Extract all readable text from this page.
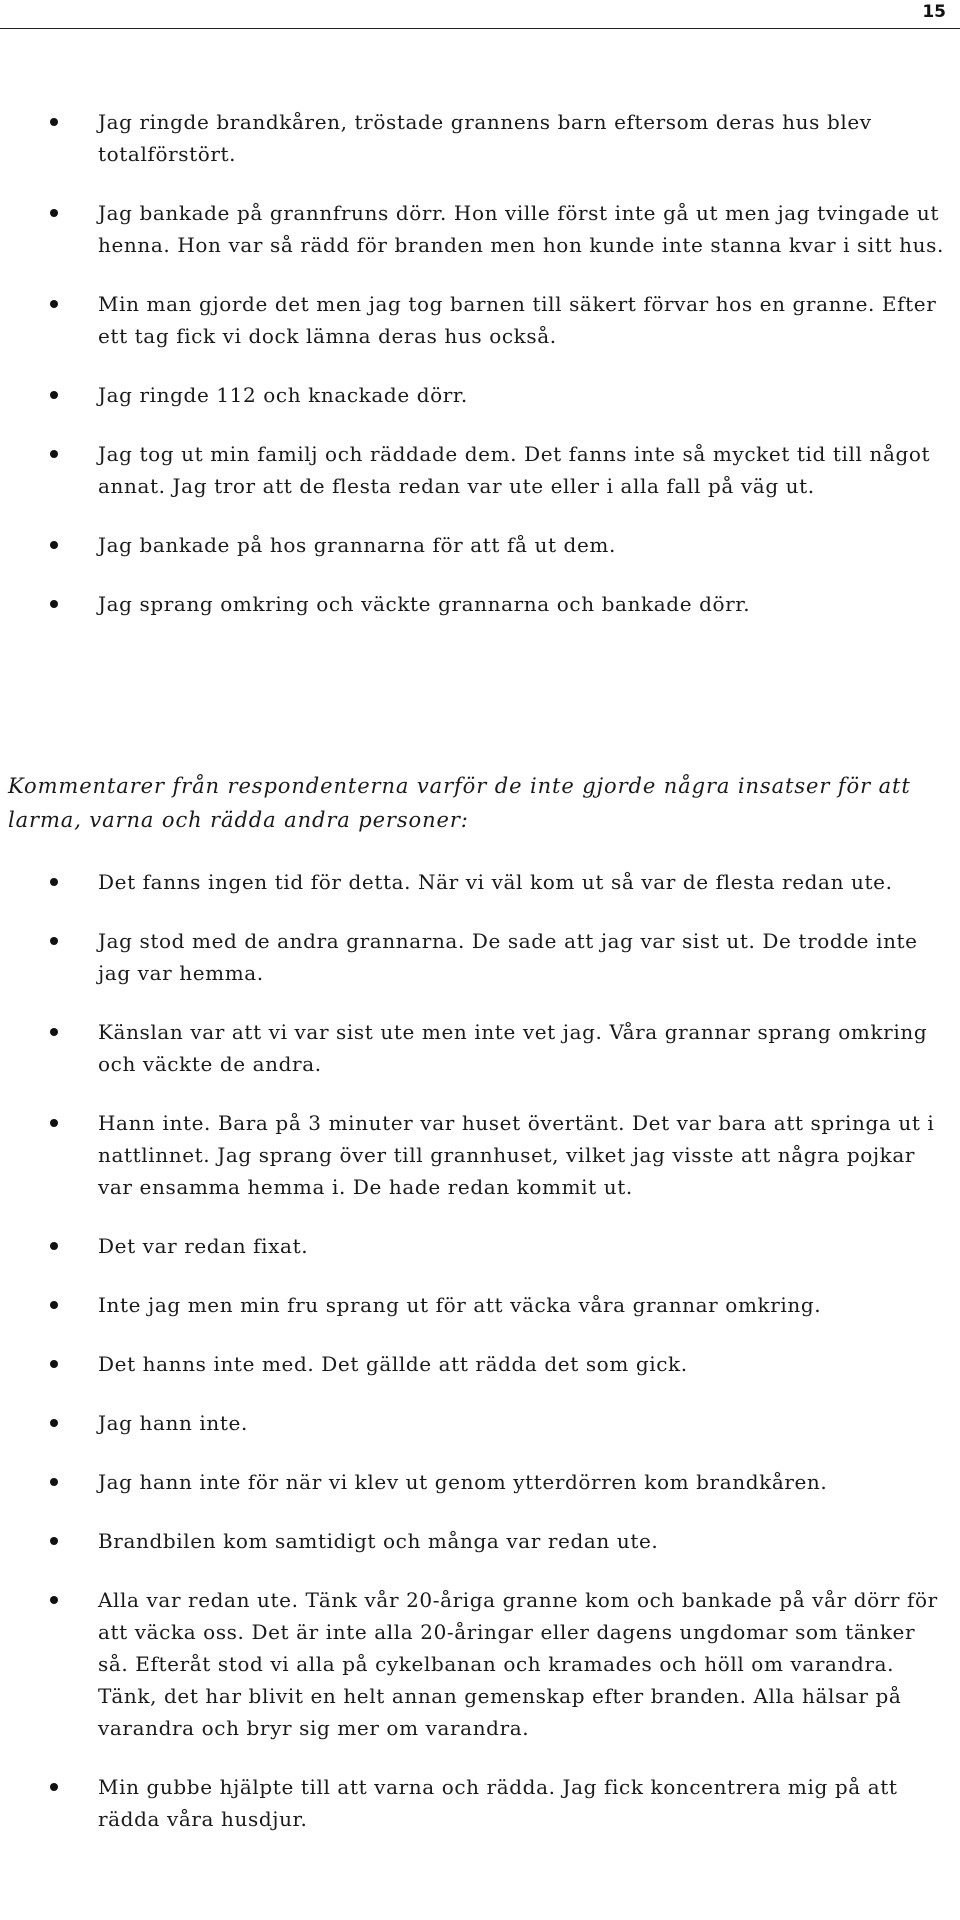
15
Jag ringde brandkåren, tröstade grannens barn eftersom deras hus blev totalförstört.
Jag bankade på grannfruns dörr. Hon ville först inte gå ut men jag tvingade ut henna. Hon var så rädd för branden men hon kunde inte stanna kvar i sitt hus.
Min man gjorde det men jag tog barnen till säkert förvar hos en granne. Efter ett tag fick vi dock lämna deras hus också.
Jag ringde 112 och knackade dörr.
Jag tog ut min familj och räddade dem. Det fanns inte så mycket tid till något annat. Jag tror att de flesta redan var ute eller i alla fall på väg ut.
Jag bankade på hos grannarna för att få ut dem.
Jag sprang omkring och väckte grannarna och bankade dörr.
Kommentarer från respondenterna varför de inte gjorde några insatser för att larma, varna och rädda andra personer:
Det fanns ingen tid för detta. När vi väl kom ut så var de flesta redan ute.
Jag stod med de andra grannarna. De sade att jag var sist ut. De trodde inte jag var hemma.
Känslan var att vi var sist ute men inte vet jag. Våra grannar sprang omkring och väckte de andra.
Hann inte. Bara på 3 minuter var huset övertänt. Det var bara att springa ut i nattlinnet. Jag sprang över till grannhuset, vilket jag visste att några pojkar var ensamma hemma i. De hade redan kommit ut.
Det var redan fixat.
Inte jag men min fru sprang ut för att väcka våra grannar omkring.
Det hanns inte med. Det gällde att rädda det som gick.
Jag hann inte.
Jag hann inte för när vi klev ut genom ytterdörren kom brandkåren.
Brandbilen kom samtidigt och många var redan ute.
Alla var redan ute. Tänk vår 20-åriga granne kom och bankade på vår dörr för att väcka oss. Det är inte alla 20-åringar eller dagens ungdomar som tänker så. Efteråt stod vi alla på cykelbanan och kramades och höll om varandra. Tänk, det har blivit en helt annan gemenskap efter branden. Alla hälsar på varandra och bryr sig mer om varandra.
Min gubbe hjälpte till att varna och rädda. Jag fick koncentrera mig på att rädda våra husdjur.
